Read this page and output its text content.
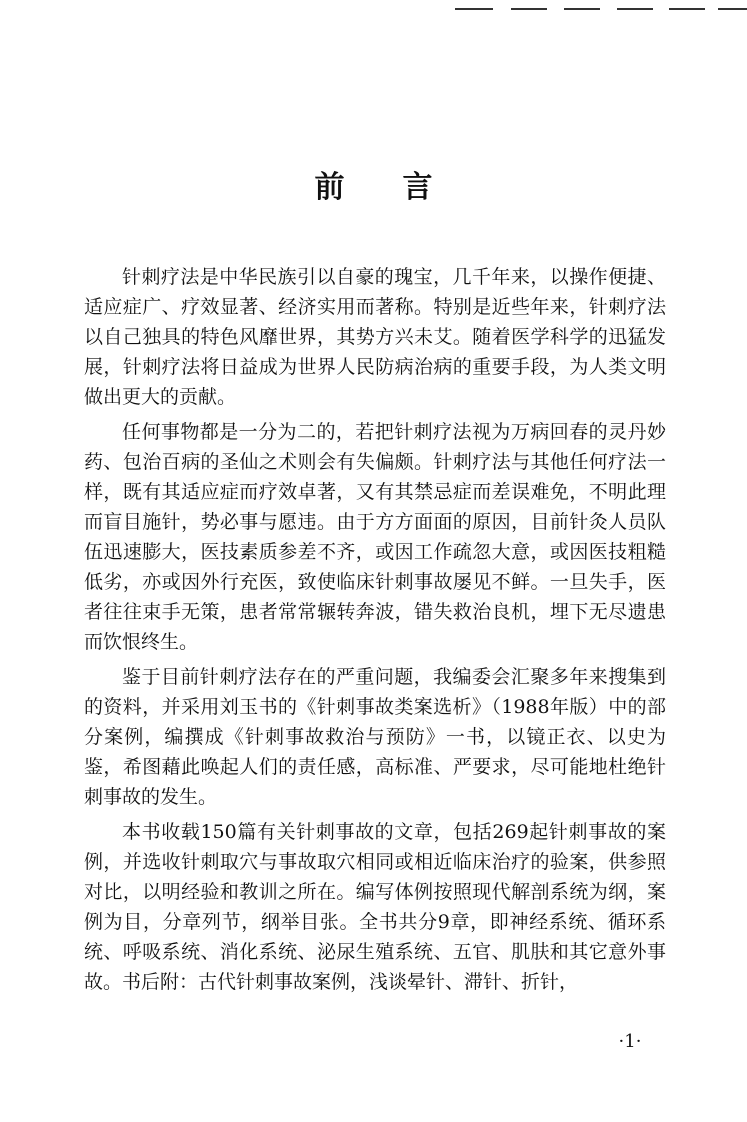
前言

针刺疗法是中华民族引以自豪的瑰宝，几千年来，以操作便捷、适应症广、疗效显著、经济实用而著称。特别是近些年来，针刺疗法以自己独具的特色风靡世界，其势方兴未艾。随着医学科学的迅猛发展，针刺疗法将日益成为世界人民防病治病的重要手段，为人类文明做出更大的贡献。

任何事物都是一分为二的，若把针刺疗法视为万病回春的灵丹妙药、包治百病的圣仙之术则会有失偏颇。针刺疗法与其他任何疗法一样，既有其适应症而疗效卓著，又有其禁忌症而差误难免，不明此理而盲目施针，势必事与愿违。由于方方面面的原因，目前针灸人员队伍迅速膨大，医技素质参差不齐，或因工作疏忽大意，或因医技粗糙低劣，亦或因外行充医，致使临床针刺事故屡见不鲜。一旦失手，医者往往束手无策，患者常常辗转奔波，错失救治良机，埋下无尽遗患而饮恨终生。

鉴于目前针刺疗法存在的严重问题，我编委会汇聚多年来搜集到的资料，并采用刘玉书的《针刺事故类案选析》（1988年版）中的部分案例，编撰成《针刺事故救治与预防》一书，以镜正衣、以史为鉴，希图藉此唤起人们的责任感，高标准、严要求，尽可能地杜绝针刺事故的发生。

本书收载150篇有关针刺事故的文章，包括269起针刺事故的案例，并选收针刺取穴与事故取穴相同或相近临床治疗的验案，供参照对比，以明经验和教训之所在。编写体例按照现代解剖系统为纲，案例为目，分章列节，纲举目张。全书共分9章，即神经系统、循环系统、呼吸系统、消化系统、泌尿生殖系统、五官、肌肤和其它意外事故。书后附：古代针刺事故案例，浅谈晕针、滞针、折针，

·1·
